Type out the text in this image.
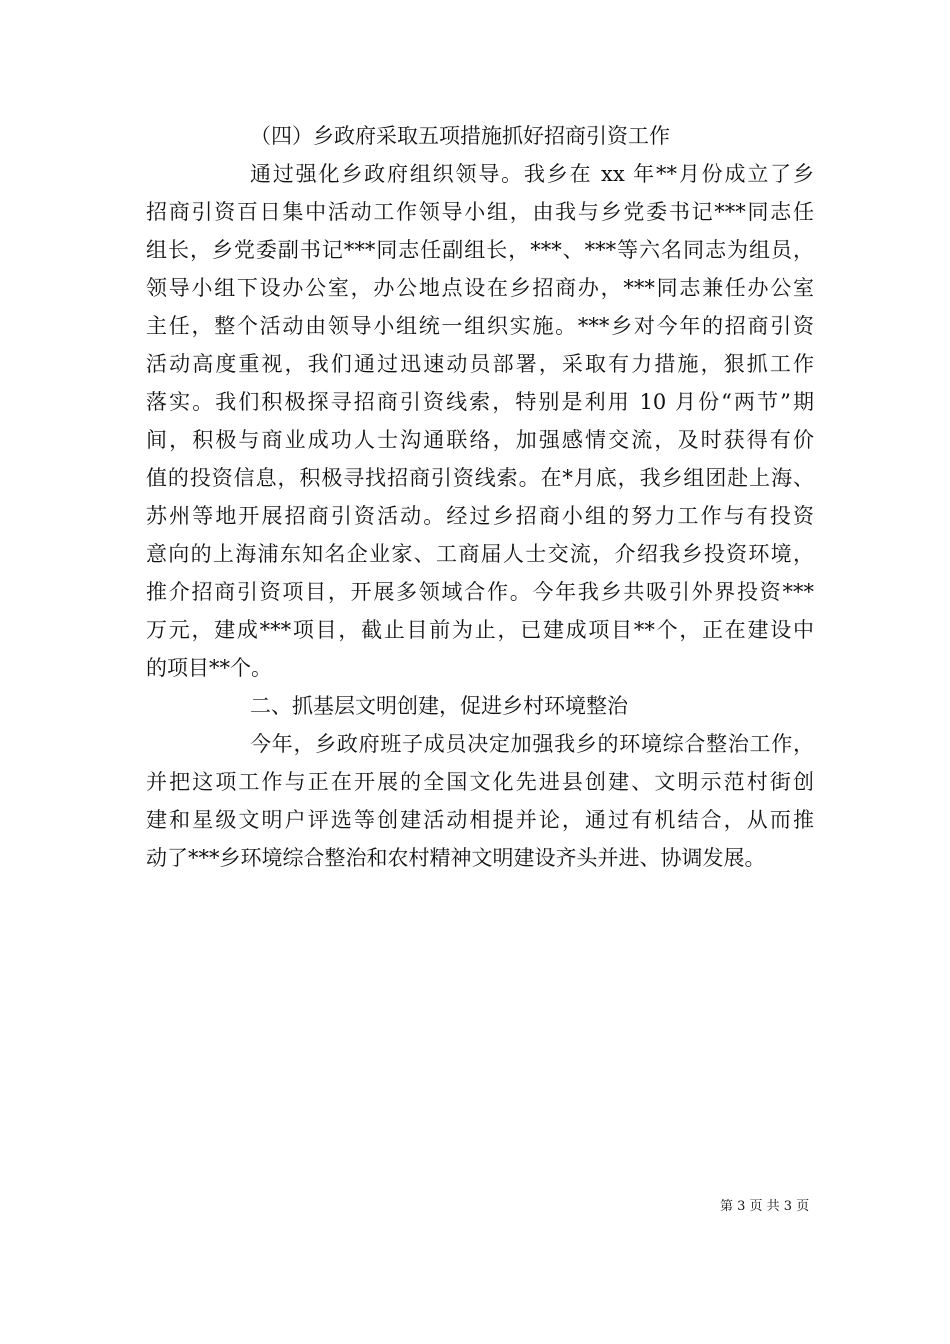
（四）乡政府采取五项措施抓好招商引资工作

通过强化乡政府组织领导。我乡在 xx 年**月份成立了乡

招商引资百日集中活动工作领导小组，由我与乡党委书记***同志任

组长，乡党委副书记***同志任副组长，***、***等六名同志为组员，

领导小组下设办公室，办公地点设在乡招商办，***同志兼任办公室

主任，整个活动由领导小组统一组织实施。***乡对今年的招商引资

活动高度重视，我们通过迅速动员部署，采取有力措施，狠抓工作

落实。我们积极探寻招商引资线索，特别是利用 10 月份“两节”期

间，积极与商业成功人士沟通联络，加强感情交流，及时获得有价

值的投资信息，积极寻找招商引资线索。在*月底，我乡组团赴上海、

苏州等地开展招商引资活动。经过乡招商小组的努力工作与有投资

意向的上海浦东知名企业家、工商届人士交流，介绍我乡投资环境，

推介招商引资项目，开展多领域合作。今年我乡共吸引外界投资***

万元，建成***项目，截止目前为止，已建成项目**个，正在建设中

的项目**个。

二、抓基层文明创建，促进乡村环境整治

今年，乡政府班子成员决定加强我乡的环境综合整治工作，

并把这项工作与正在开展的全国文化先进县创建、文明示范村街创

建和星级文明户评选等创建活动相提并论，通过有机结合，从而推

动了***乡环境综合整治和农村精神文明建设齐头并进、协调发展。

第 3 页 共 3 页
